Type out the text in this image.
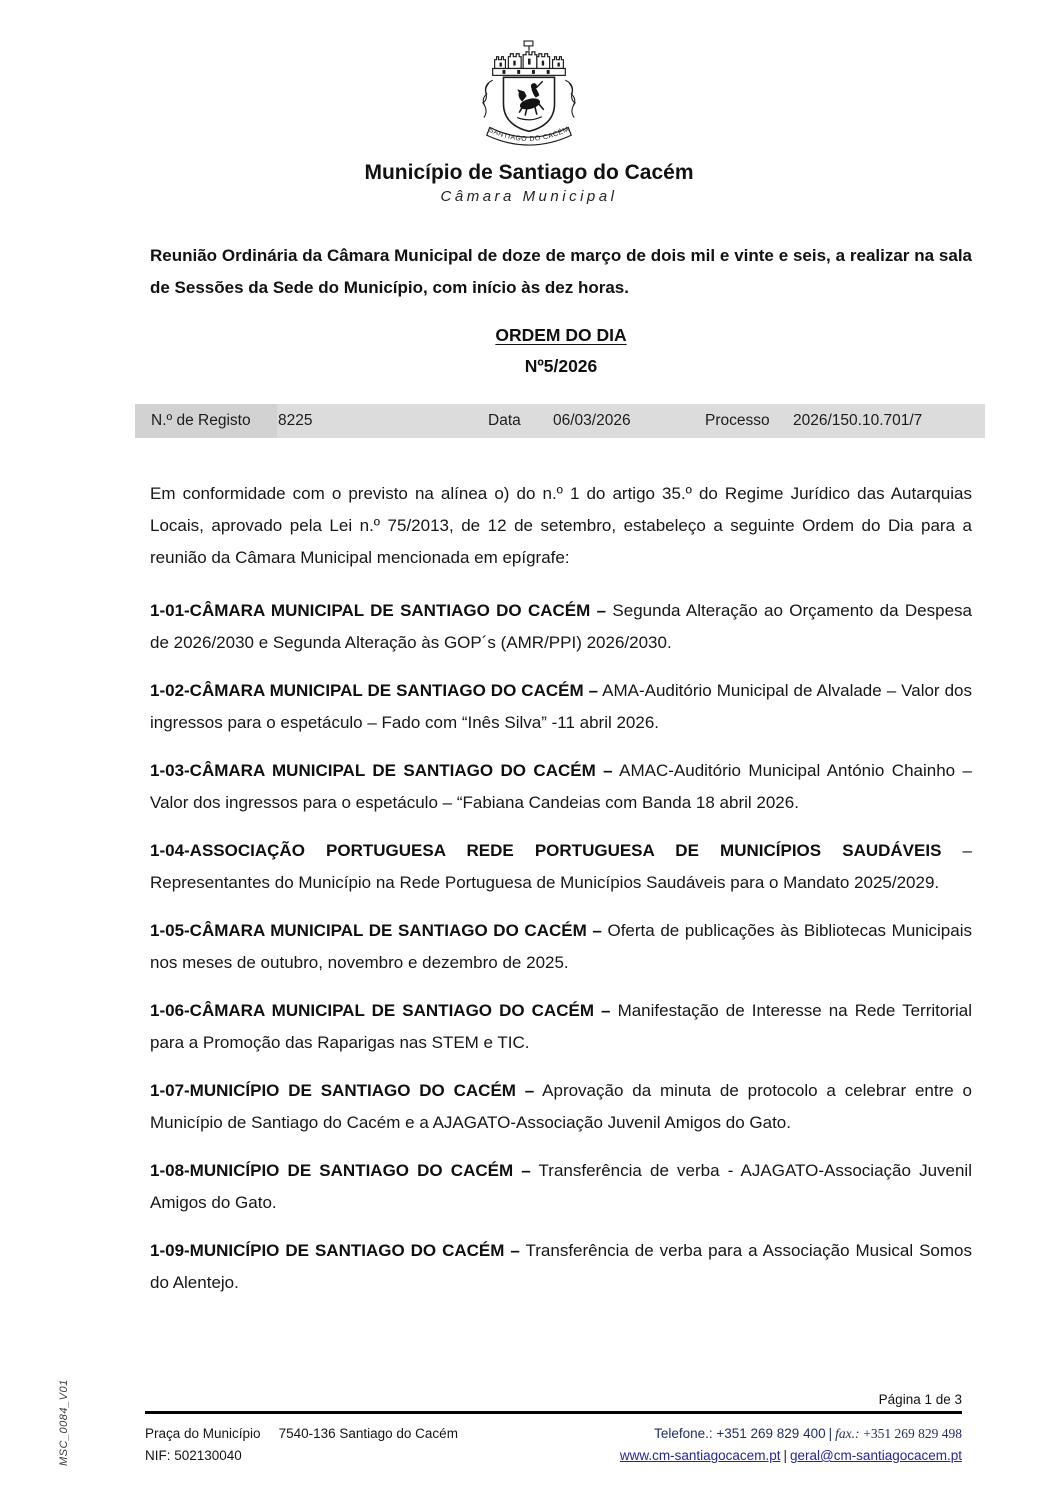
SANTIAGO DO CACÉM
Município de Santiago do Cacém
Câmara Municipal

Reunião Ordinária da Câmara Municipal de doze de março de dois mil e vinte e seis, a realizar na sala de Sessões da Sede do Município, com início às dez horas.

ORDEM DO DIA
Nº5/2026
N.º de Registo	8225	Data	06/03/2026	Processo	2026/150.10.701/7

Em conformidade com o previsto na alínea o) do n.º 1 do artigo 35.º do Regime Jurídico das Autarquias Locais, aprovado pela Lei n.º 75/2013, de 12 de setembro, estabeleço a seguinte Ordem do Dia para a reunião da Câmara Municipal mencionada em epígrafe:

1-01-CÂMARA MUNICIPAL DE SANTIAGO DO CACÉM – Segunda Alteração ao Orçamento da Despesa de 2026/2030 e Segunda Alteração às GOP´s (AMR/PPI) 2026/2030.

1-02-CÂMARA MUNICIPAL DE SANTIAGO DO CACÉM – AMA-Auditório Municipal de Alvalade – Valor dos ingressos para o espetáculo – Fado com “Inês Silva” -11 abril 2026.

1-03-CÂMARA MUNICIPAL DE SANTIAGO DO CACÉM – AMAC-Auditório Municipal António Chainho – Valor dos ingressos para o espetáculo – “Fabiana Candeias com Banda 18 abril 2026.

1-04-ASSOCIAÇÃO PORTUGUESA REDE PORTUGUESA DE MUNICÍPIOS SAUDÁVEIS – Representantes do Município na Rede Portuguesa de Municípios Saudáveis para o Mandato 2025/2029.

1-05-CÂMARA MUNICIPAL DE SANTIAGO DO CACÉM – Oferta de publicações às Bibliotecas Municipais nos meses de outubro, novembro e dezembro de 2025.

1-06-CÂMARA MUNICIPAL DE SANTIAGO DO CACÉM – Manifestação de Interesse na Rede Territorial para a Promoção das Raparigas nas STEM e TIC.

1-07-MUNICÍPIO DE SANTIAGO DO CACÉM – Aprovação da minuta de protocolo a celebrar entre o Município de Santiago do Cacém e a AJAGATO-Associação Juvenil Amigos do Gato.

1-08-MUNICÍPIO DE SANTIAGO DO CACÉM – Transferência de verba - AJAGATO-Associação Juvenil Amigos do Gato.

1-09-MUNICÍPIO DE SANTIAGO DO CACÉM – Transferência de verba para a Associação Musical Somos do Alentejo.

MSC_0084_V01	Página 1 de 3
Praça do Município 7540-136 Santiago do Cacém
NIF: 502130040
Telefone.: +351 269 829 400 | fax.: +351 269 829 498
www.cm-santiagocacem.pt | geral@cm-santiagocacem.pt
